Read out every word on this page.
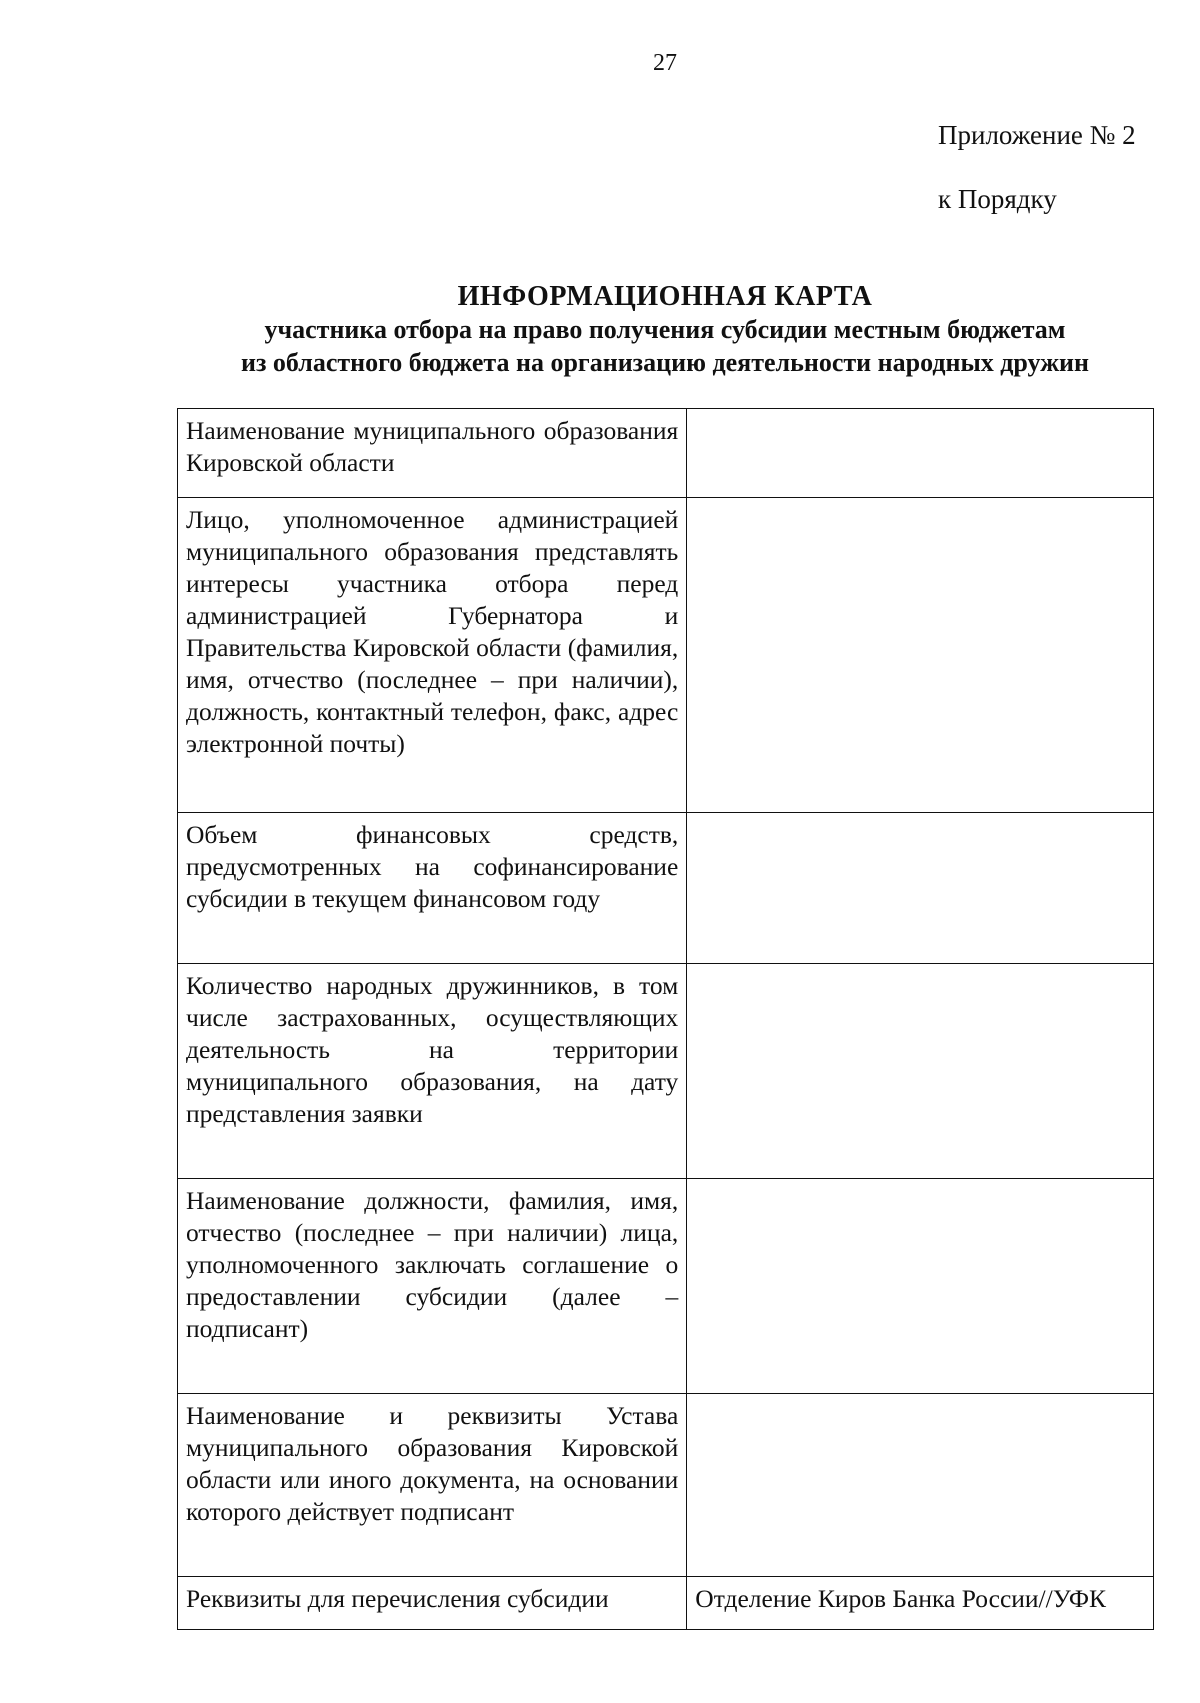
27
Приложение № 2
к Порядку
ИНФОРМАЦИОННАЯ КАРТА
участника отбора на право получения субсидии местным бюджетам
из областного бюджета на организацию деятельности народных дружин
Наименование муниципального образования Кировской области	
Лицо, уполномоченное администрацией муниципального образования представлять интересы участника отбора перед администрацией Губернатора и Правительства Кировской области (фамилия, имя, отчество (последнее – при наличии), должность, контактный телефон, факс, адрес электронной почты)	
Объем финансовых средств, предусмотренных на софинансирование субсидии в текущем финансовом году	
Количество народных дружинников, в том числе застрахованных, осуществляющих деятельность на территории муниципального образования, на дату представления заявки	
Наименование должности, фамилия, имя, отчество (последнее – при наличии) лица, уполномоченного заключать соглашение о предоставлении субсидии (далее – подписант)	
Наименование и реквизиты Устава муниципального образования Кировской области или иного документа, на основании которого действует подписант	
Реквизиты для перечисления субсидии	Отделение Киров Банка России//УФК
